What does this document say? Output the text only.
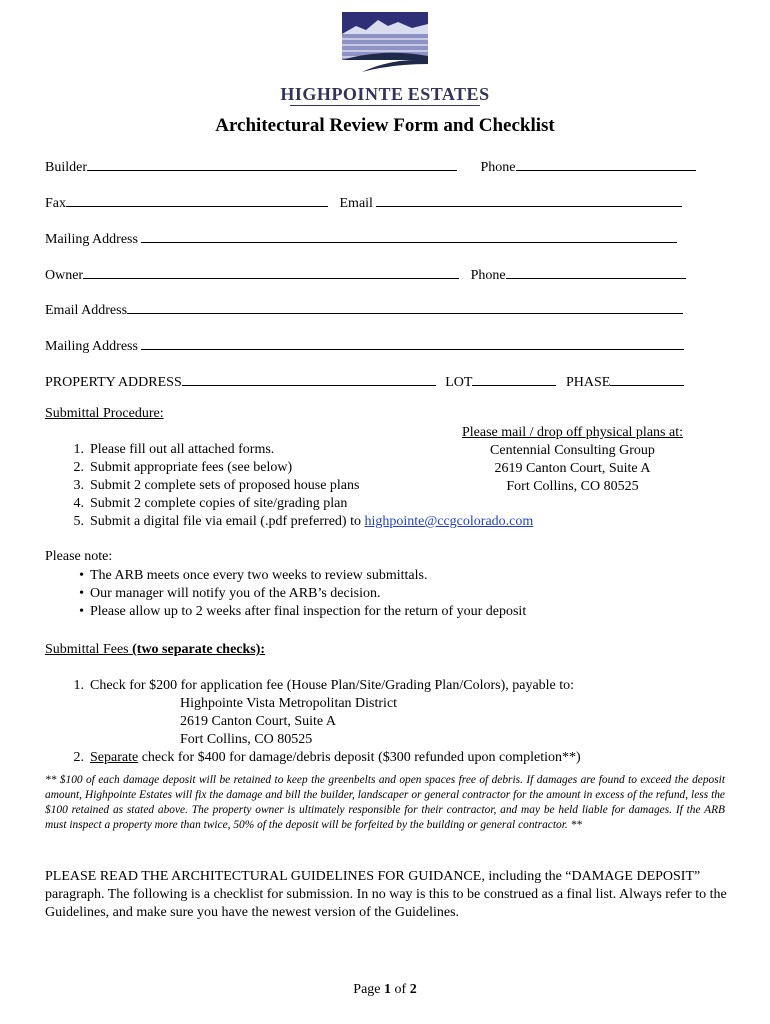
HIGHPOINTE ESTATES
Architectural Review Form and Checklist
Builder	Phone
Fax	Email
Mailing Address
Owner	Phone
Email Address
Mailing Address
PROPERTY ADDRESS	LOT	PHASE
Submittal Procedure:
Please mail / drop off physical plans at:
Centennial Consulting Group
2619 Canton Court, Suite A
Fort Collins, CO 80525
1. Please fill out all attached forms.
2. Submit appropriate fees (see below)
3. Submit 2 complete sets of proposed house plans
4. Submit 2 complete copies of site/grading plan
5. Submit a digital file via email (.pdf preferred) to highpointe@ccgcolorado.com
Please note:
• The ARB meets once every two weeks to review submittals.
• Our manager will notify you of the ARB’s decision.
• Please allow up to 2 weeks after final inspection for the return of your deposit
Submittal Fees (two separate checks):
1. Check for $200 for application fee (House Plan/Site/Grading Plan/Colors), payable to:
Highpointe Vista Metropolitan District
2619 Canton Court, Suite A
Fort Collins, CO 80525
2. Separate check for $400 for damage/debris deposit ($300 refunded upon completion**)
** $100 of each damage deposit will be retained to keep the greenbelts and open spaces free of debris. If damages are found to exceed the deposit amount, Highpointe Estates will fix the damage and bill the builder, landscaper or general contractor for the amount in excess of the refund, less the $100 retained as stated above. The property owner is ultimately responsible for their contractor, and may be held liable for damages. If the ARB must inspect a property more than twice, 50% of the deposit will be forfeited by the building or general contractor. **
PLEASE READ THE ARCHITECTURAL GUIDELINES FOR GUIDANCE, including the “DAMAGE DEPOSIT” paragraph. The following is a checklist for submission. In no way is this to be construed as a final list. Always refer to the Guidelines, and make sure you have the newest version of the Guidelines.
Page 1 of 2
